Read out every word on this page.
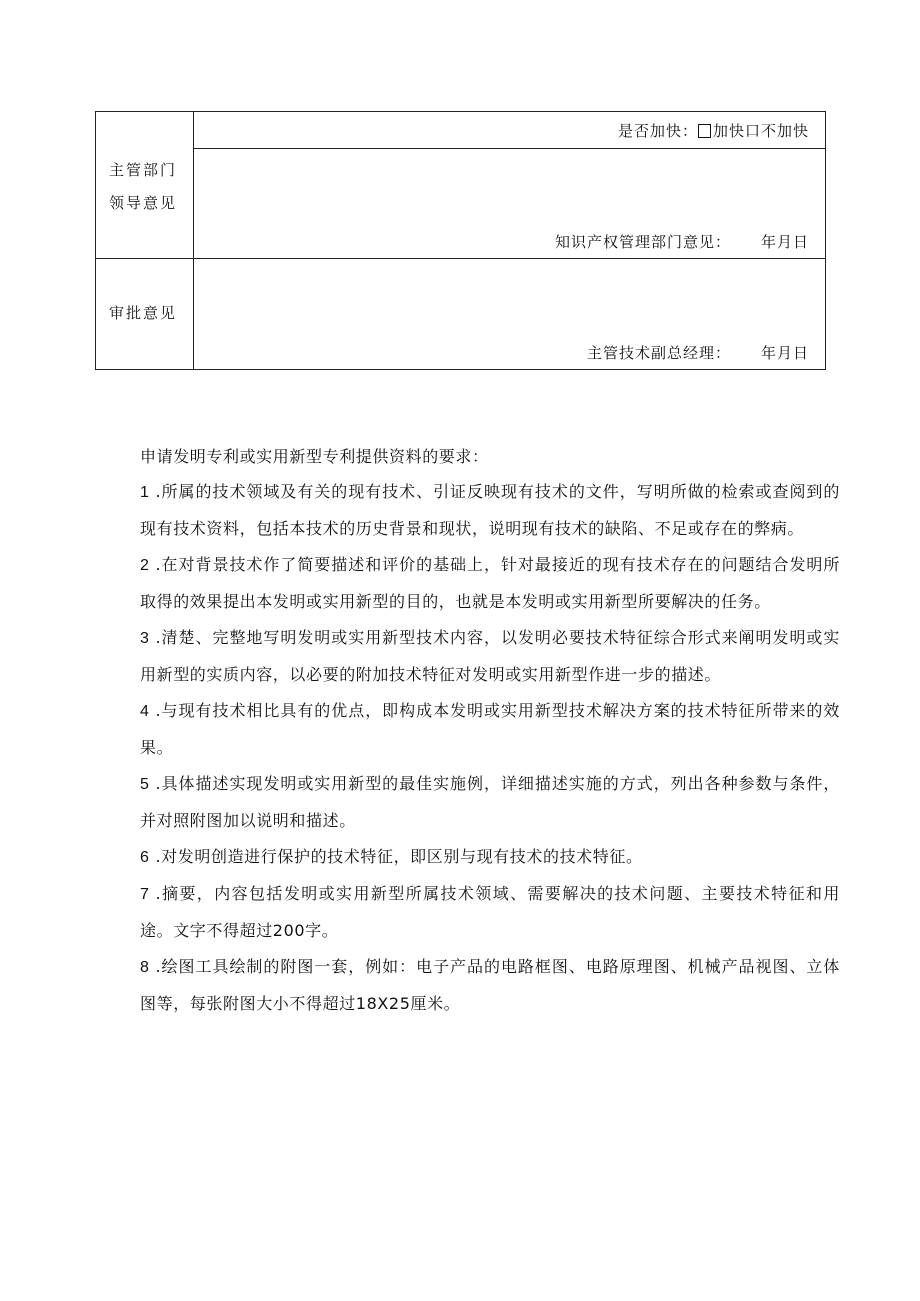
主管部门领导意见	是否加快： 加快口不加快

	知识产权管理部门意见： 年月日

审批意见	主管技术副总经理： 年月日

申请发明专利或实用新型专利提供资料的要求：

1 .所属的技术领域及有关的现有技术、引证反映现有技术的文件，写明所做的检索或查阅到的现有技术资料，包括本技术的历史背景和现状，说明现有技术的缺陷、不足或存在的弊病。

2 .在对背景技术作了简要描述和评价的基础上，针对最接近的现有技术存在的问题结合发明所取得的效果提出本发明或实用新型的目的，也就是本发明或实用新型所要解决的任务。

3 .清楚、完整地写明发明或实用新型技术内容，以发明必要技术特征综合形式来阐明发明或实用新型的实质内容，以必要的附加技术特征对发明或实用新型作进一步的描述。

4 .与现有技术相比具有的优点，即构成本发明或实用新型技术解决方案的技术特征所带来的效果。

5 .具体描述实现发明或实用新型的最佳实施例，详细描述实施的方式，列出各种参数与条件，并对照附图加以说明和描述。

6 .对发明创造进行保护的技术特征，即区别与现有技术的技术特征。

7 .摘要，内容包括发明或实用新型所属技术领域、需要解决的技术问题、主要技术特征和用途。文字不得超过200字。

8 .绘图工具绘制的附图一套，例如：电子产品的电路框图、电路原理图、机械产品视图、立体图等，每张附图大小不得超过18X25厘米。
